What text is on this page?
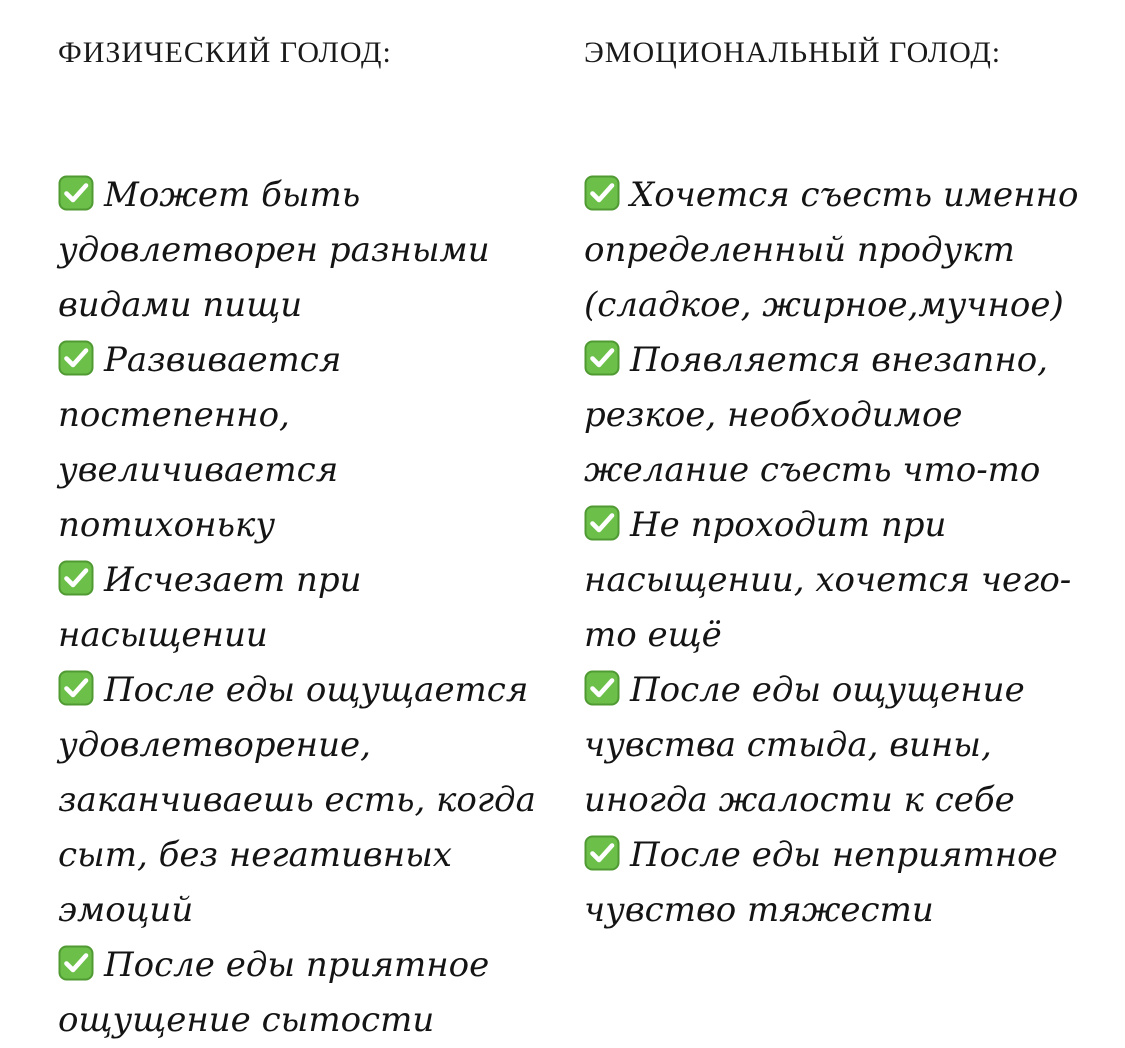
ФИЗИЧЕСКИЙ ГОЛОД:
Может быть удовлетворен разными видами пищи
Развивается постепенно, увеличивается потихоньку
Исчезает при насыщении
После еды ощущается удовлетворение, заканчиваешь есть, когда сыт, без негативных эмоций
После еды приятное ощущение сытости
ЭМОЦИОНАЛЬНЫЙ ГОЛОД:
Хочется съесть именно определенный продукт (сладкое, жирное,мучное)
Появляется внезапно, резкое, необходимое желание съесть что-то
Не проходит при насыщении, хочется чего-то ещё
После еды ощущение чувства стыда, вины, иногда жалости к себе
После еды неприятное чувство тяжести
